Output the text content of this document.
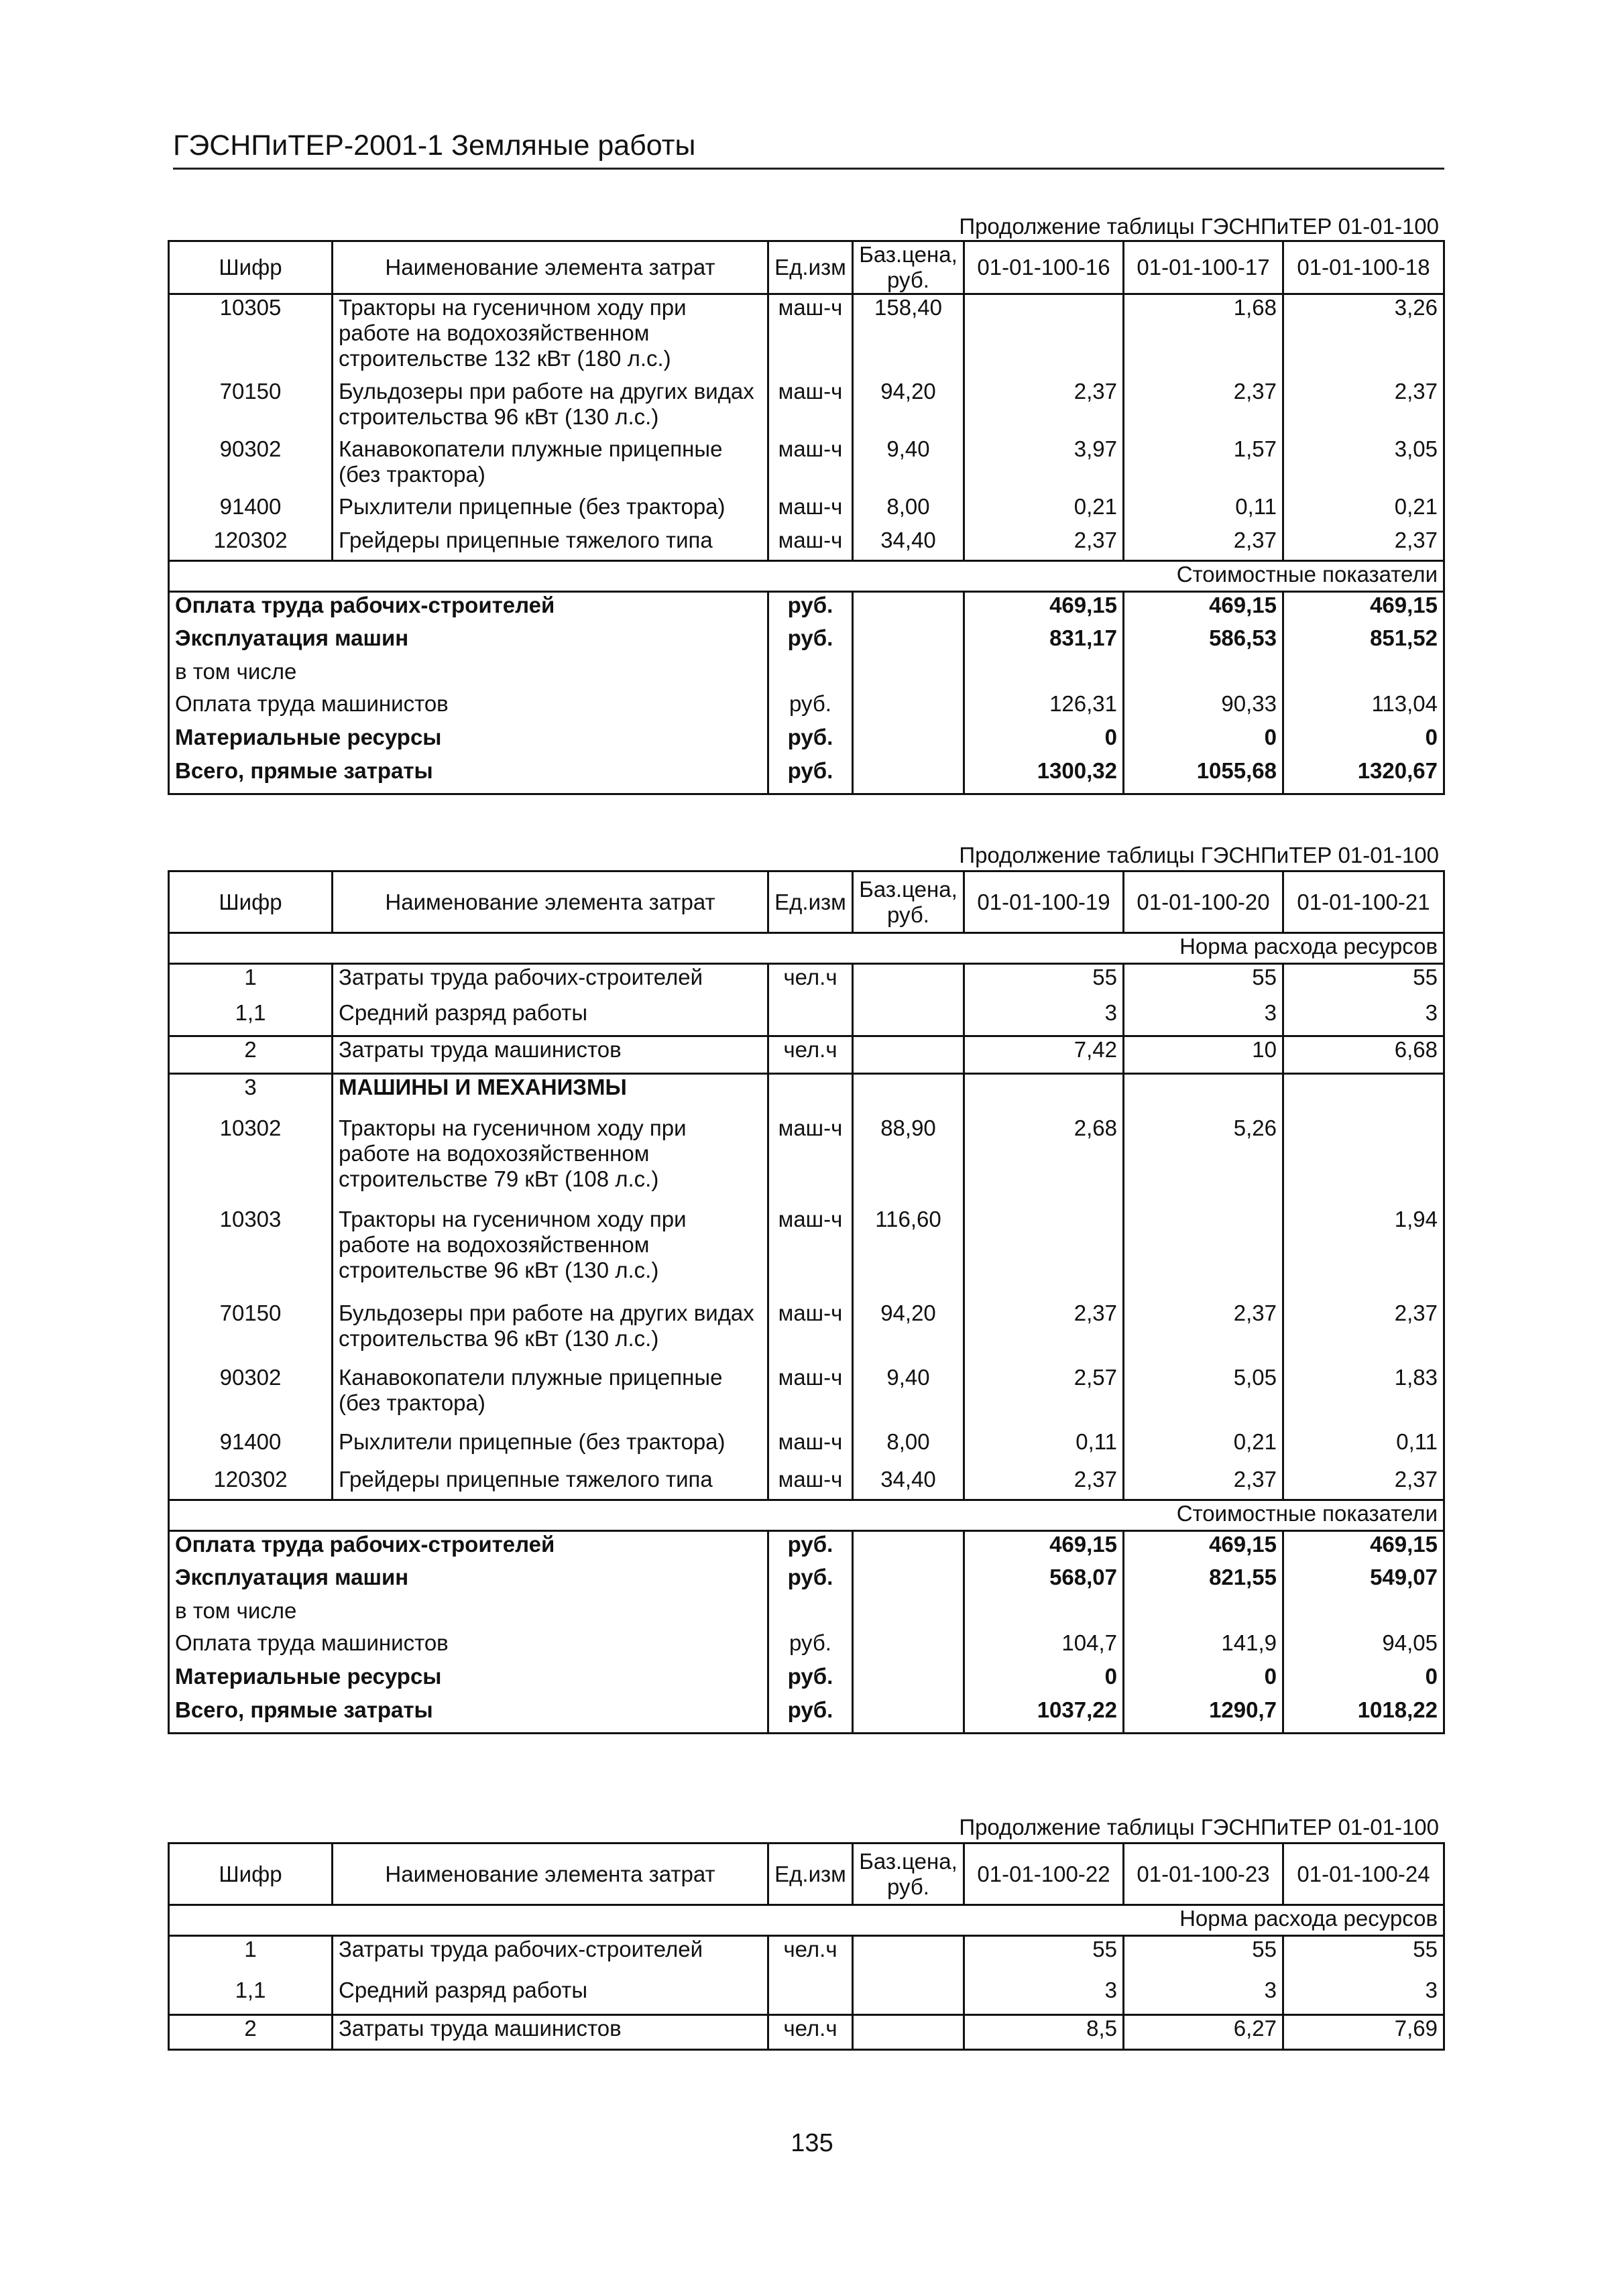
ГЭСНПиТЕР-2001-1 Земляные работы
Продолжение таблицы ГЭСНПиТЕР 01-01-100
Шифр	Наименование элемента затрат	Ед.изм	Баз.цена, руб.	01-01-100-16	01-01-100-17	01-01-100-18
10305	Тракторы на гусеничном ходу при работе на водохозяйственном строительстве 132 кВт (180 л.с.)	маш-ч	158,40		1,68	3,26
70150	Бульдозеры при работе на других видах строительства 96 кВт (130 л.с.)	маш-ч	94,20	2,37	2,37	2,37
90302	Канавокопатели плужные прицепные (без трактора)	маш-ч	9,40	3,97	1,57	3,05
91400	Рыхлители прицепные (без трактора)	маш-ч	8,00	0,21	0,11	0,21
120302	Грейдеры прицепные тяжелого типа	маш-ч	34,40	2,37	2,37	2,37
Стоимостные показатели						
Оплата труда рабочих-строителей		руб.		469,15	469,15	469,15
Эксплуатация машин		руб.		831,17	586,53	851,52
в том числе						
Оплата труда машинистов		руб.		126,31	90,33	113,04
Материальные ресурсы		руб.		0	0	0
Всего, прямые затраты		руб.		1300,32	1055,68	1320,67
Продолжение таблицы ГЭСНПиТЕР 01-01-100
Шифр	Наименование элемента затрат	Ед.изм	Баз.цена, руб.	01-01-100-19	01-01-100-20	01-01-100-21
Норма расхода ресурсов						
1	Затраты труда рабочих-строителей	чел.ч		55	55	55
1,1	Средний разряд работы			3	3	3
2	Затраты труда машинистов	чел.ч		7,42	10	6,68
3	МАШИНЫ И МЕХАНИЗМЫ					
10302	Тракторы на гусеничном ходу при работе на водохозяйственном строительстве 79 кВт (108 л.с.)	маш-ч	88,90	2,68	5,26	
10303	Тракторы на гусеничном ходу при работе на водохозяйственном строительстве 96 кВт (130 л.с.)	маш-ч	116,60			1,94
70150	Бульдозеры при работе на других видах строительства 96 кВт (130 л.с.)	маш-ч	94,20	2,37	2,37	2,37
90302	Канавокопатели плужные прицепные (без трактора)	маш-ч	9,40	2,57	5,05	1,83
91400	Рыхлители прицепные (без трактора)	маш-ч	8,00	0,11	0,21	0,11
120302	Грейдеры прицепные тяжелого типа	маш-ч	34,40	2,37	2,37	2,37
Стоимостные показатели						
Оплата труда рабочих-строителей		руб.		469,15	469,15	469,15
Эксплуатация машин		руб.		568,07	821,55	549,07
в том числе						
Оплата труда машинистов		руб.		104,7	141,9	94,05
Материальные ресурсы		руб.		0	0	0
Всего, прямые затраты		руб.		1037,22	1290,7	1018,22
Продолжение таблицы ГЭСНПиТЕР 01-01-100
Шифр	Наименование элемента затрат	Ед.изм	Баз.цена, руб.	01-01-100-22	01-01-100-23	01-01-100-24
Норма расхода ресурсов						
1	Затраты труда рабочих-строителей	чел.ч		55	55	55
1,1	Средний разряд работы			3	3	3
2	Затраты труда машинистов	чел.ч		8,5	6,27	7,69
135
